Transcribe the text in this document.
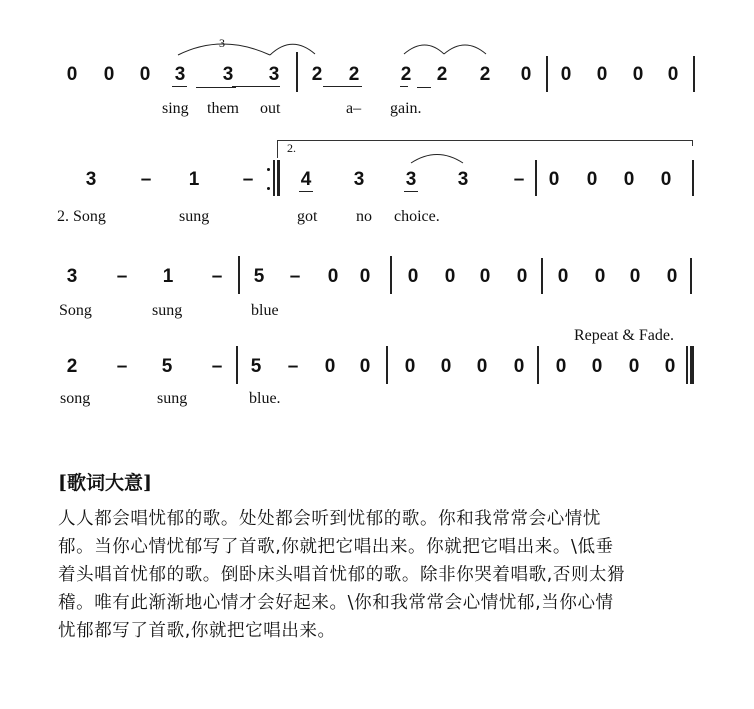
0 0 0 3 3 3 2 2 2 2 2 0 0 0 0 0
3
sing them out	a– gain.
3 – 1 –
2.
4 3 3 3 – 0 0 0 0
2. Song	sung	got no choice.
3 – 1 – 5 – 0 0 0 0 0 0 0 0 0 0
Song	sung	blue
Repeat & Fade.
2 – 5 – 5 – 0 0 0 0 0 0 0 0 0 0
song	sung	blue.
[歌词大意]
人人都会唱忧郁的歌。处处都会听到忧郁的歌。你和我常常会心情忧
郁。当你心情忧郁写了首歌,你就把它唱出来。你就把它唱出来。\低垂
着头唱首忧郁的歌。倒卧床头唱首忧郁的歌。除非你哭着唱歌,否则太猾
稽。唯有此渐渐地心情才会好起来。\你和我常常会心情忧郁,当你心情
忧郁都写了首歌,你就把它唱出来。
